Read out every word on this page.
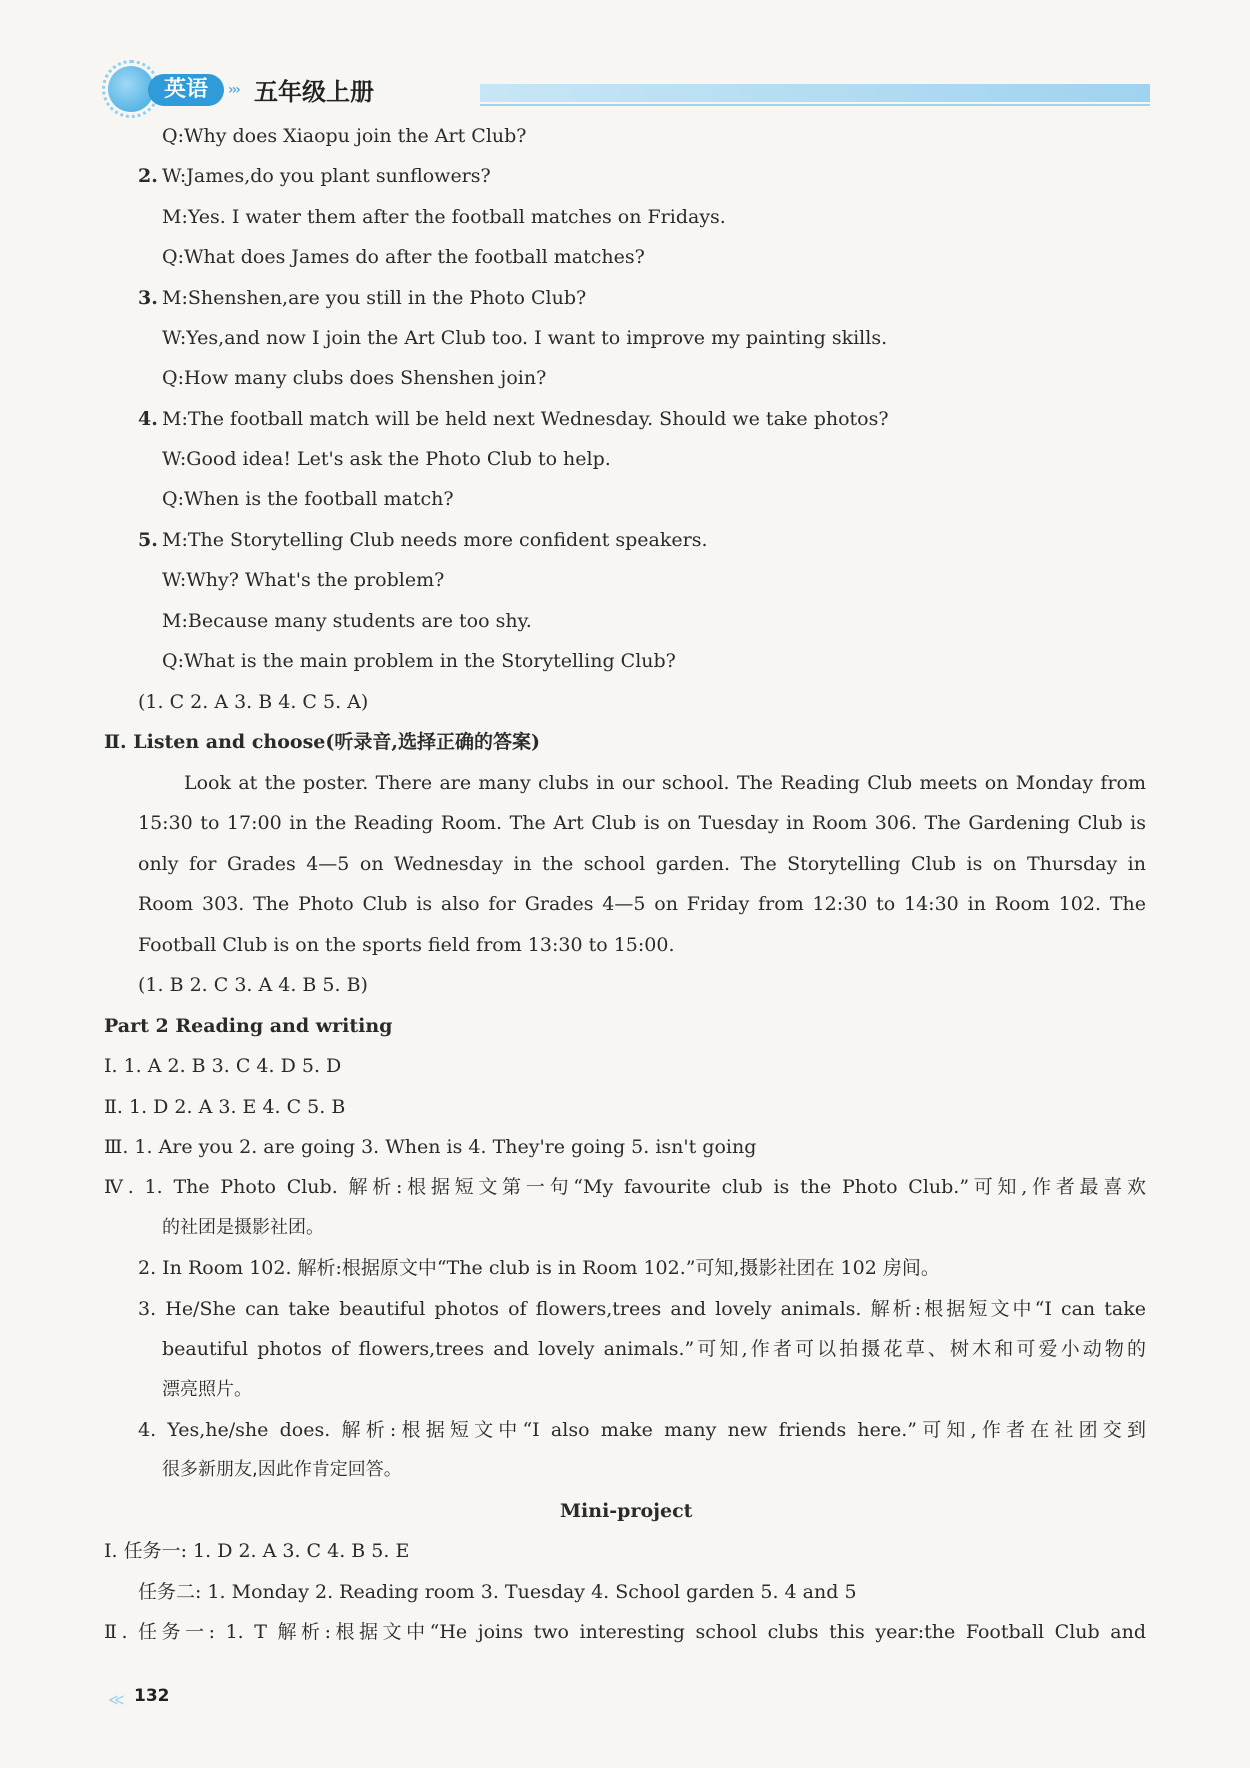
英语	››› 五年级上册
Q:Why does Xiaopu join the Art Club?
2. W:James,do you plant sunflowers?
M:Yes. I water them after the football matches on Fridays.
Q:What does James do after the football matches?
3. M:Shenshen,are you still in the Photo Club?
W:Yes,and now I join the Art Club too. I want to improve my painting skills.
Q:How many clubs does Shenshen join?
4. M:The football match will be held next Wednesday. Should we take photos?
W:Good idea! Let's ask the Photo Club to help.
Q:When is the football match?
5. M:The Storytelling Club needs more confident speakers.
W:Why? What's the problem?
M:Because many students are too shy.
Q:What is the main problem in the Storytelling Club?
(1. C 2. A 3. B 4. C 5. A)
Ⅱ. Listen and choose(听录音,选择正确的答案)
Look at the poster. There are many clubs in our school. The Reading Club meets on Monday from
15:30 to 17:00 in the Reading Room. The Art Club is on Tuesday in Room 306. The Gardening Club is
only for Grades 4—5 on Wednesday in the school garden. The Storytelling Club is on Thursday in
Room 303. The Photo Club is also for Grades 4—5 on Friday from 12:30 to 14:30 in Room 102. The
Football Club is on the sports field from 13:30 to 15:00.
(1. B 2. C 3. A 4. B 5. B)
Part 2 Reading and writing
Ⅰ. 1. A 2. B 3. C 4. D 5. D
Ⅱ. 1. D 2. A 3. E 4. C 5. B
Ⅲ. 1. Are you 2. are going 3. When is 4. They're going 5. isn't going
Ⅳ. 1. The Photo Club. 解析:根据短文第一句“My favourite club is the Photo Club.”可知,作者最喜欢
的社团是摄影社团。
2. In Room 102. 解析:根据原文中“The club is in Room 102.”可知,摄影社团在 102 房间。
3. He/She can take beautiful photos of flowers,trees and lovely animals. 解析:根据短文中“I can take
beautiful photos of flowers,trees and lovely animals.”可知,作者可以拍摄花草、树木和可爱小动物的
漂亮照片。
4. Yes,he/she does. 解析:根据短文中“I also make many new friends here.”可知,作者在社团交到
很多新朋友,因此作肯定回答。
Mini-project
Ⅰ. 任务一: 1. D 2. A 3. C 4. B 5. E
任务二: 1. Monday 2. Reading room 3. Tuesday 4. School garden 5. 4 and 5
Ⅱ. 任务一: 1. T 解析:根据文中“He joins two interesting school clubs this year:the Football Club and
≪ 132
